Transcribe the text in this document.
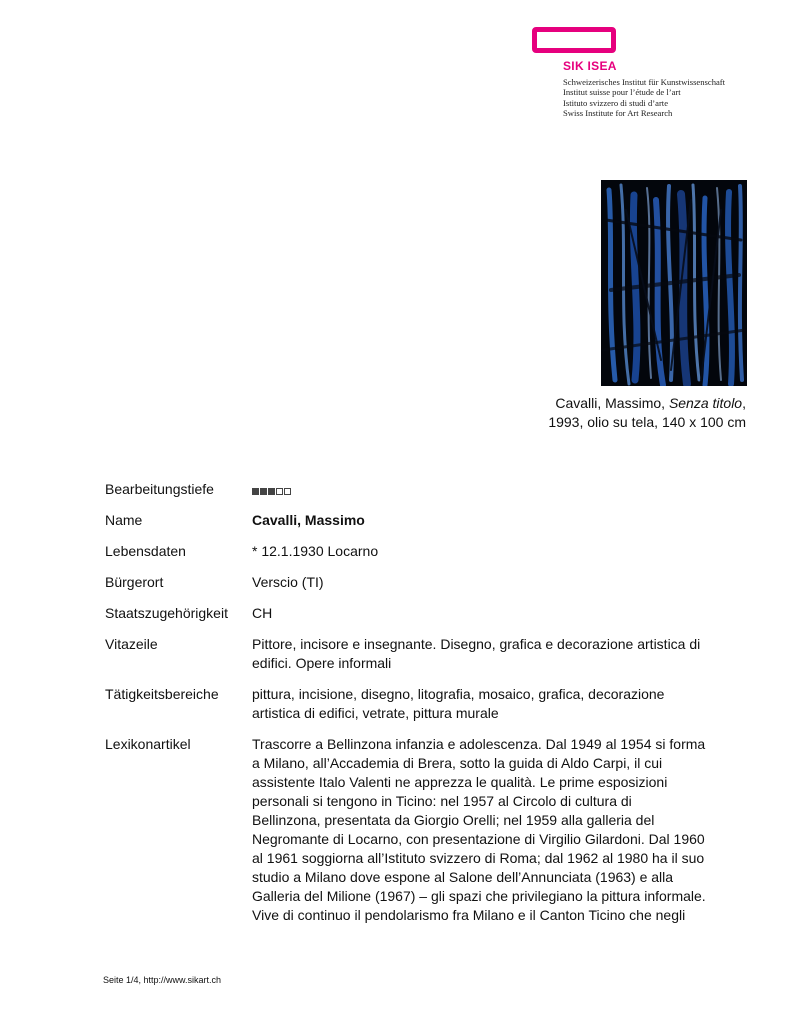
SIK ISEA
Schweizerisches Institut für Kunstwissenschaft
Institut suisse pour l’étude de l’art
Istituto svizzero di studi d’arte
Swiss Institute for Art Research
Cavalli, Massimo, Senza titolo,
1993, olio su tela, 140 x 100 cm
Bearbeitungstiefe
Name	Cavalli, Massimo
Lebensdaten	* 12.1.1930 Locarno
Bürgerort	Verscio (TI)
Staatszugehörigkeit	CH
Vitazeile	Pittore, incisore e insegnante. Disegno, grafica e decorazione artistica di
edifici. Opere informali
Tätigkeitsbereiche	pittura, incisione, disegno, litografia, mosaico, grafica, decorazione
artistica di edifici, vetrate, pittura murale
Lexikonartikel	Trascorre a Bellinzona infanzia e adolescenza. Dal 1949 al 1954 si forma
a Milano, all’Accademia di Brera, sotto la guida di Aldo Carpi, il cui
assistente Italo Valenti ne apprezza le qualità. Le prime esposizioni
personali si tengono in Ticino: nel 1957 al Circolo di cultura di
Bellinzona, presentata da Giorgio Orelli; nel 1959 alla galleria del
Negromante di Locarno, con presentazione di Virgilio Gilardoni. Dal 1960
al 1961 soggiorna all’Istituto svizzero di Roma; dal 1962 al 1980 ha il suo
studio a Milano dove espone al Salone dell’Annunciata (1963) e alla
Galleria del Milione (1967) – gli spazi che privilegiano la pittura informale.
Vive di continuo il pendolarismo fra Milano e il Canton Ticino che negli
Seite 1/4, http://www.sikart.ch
